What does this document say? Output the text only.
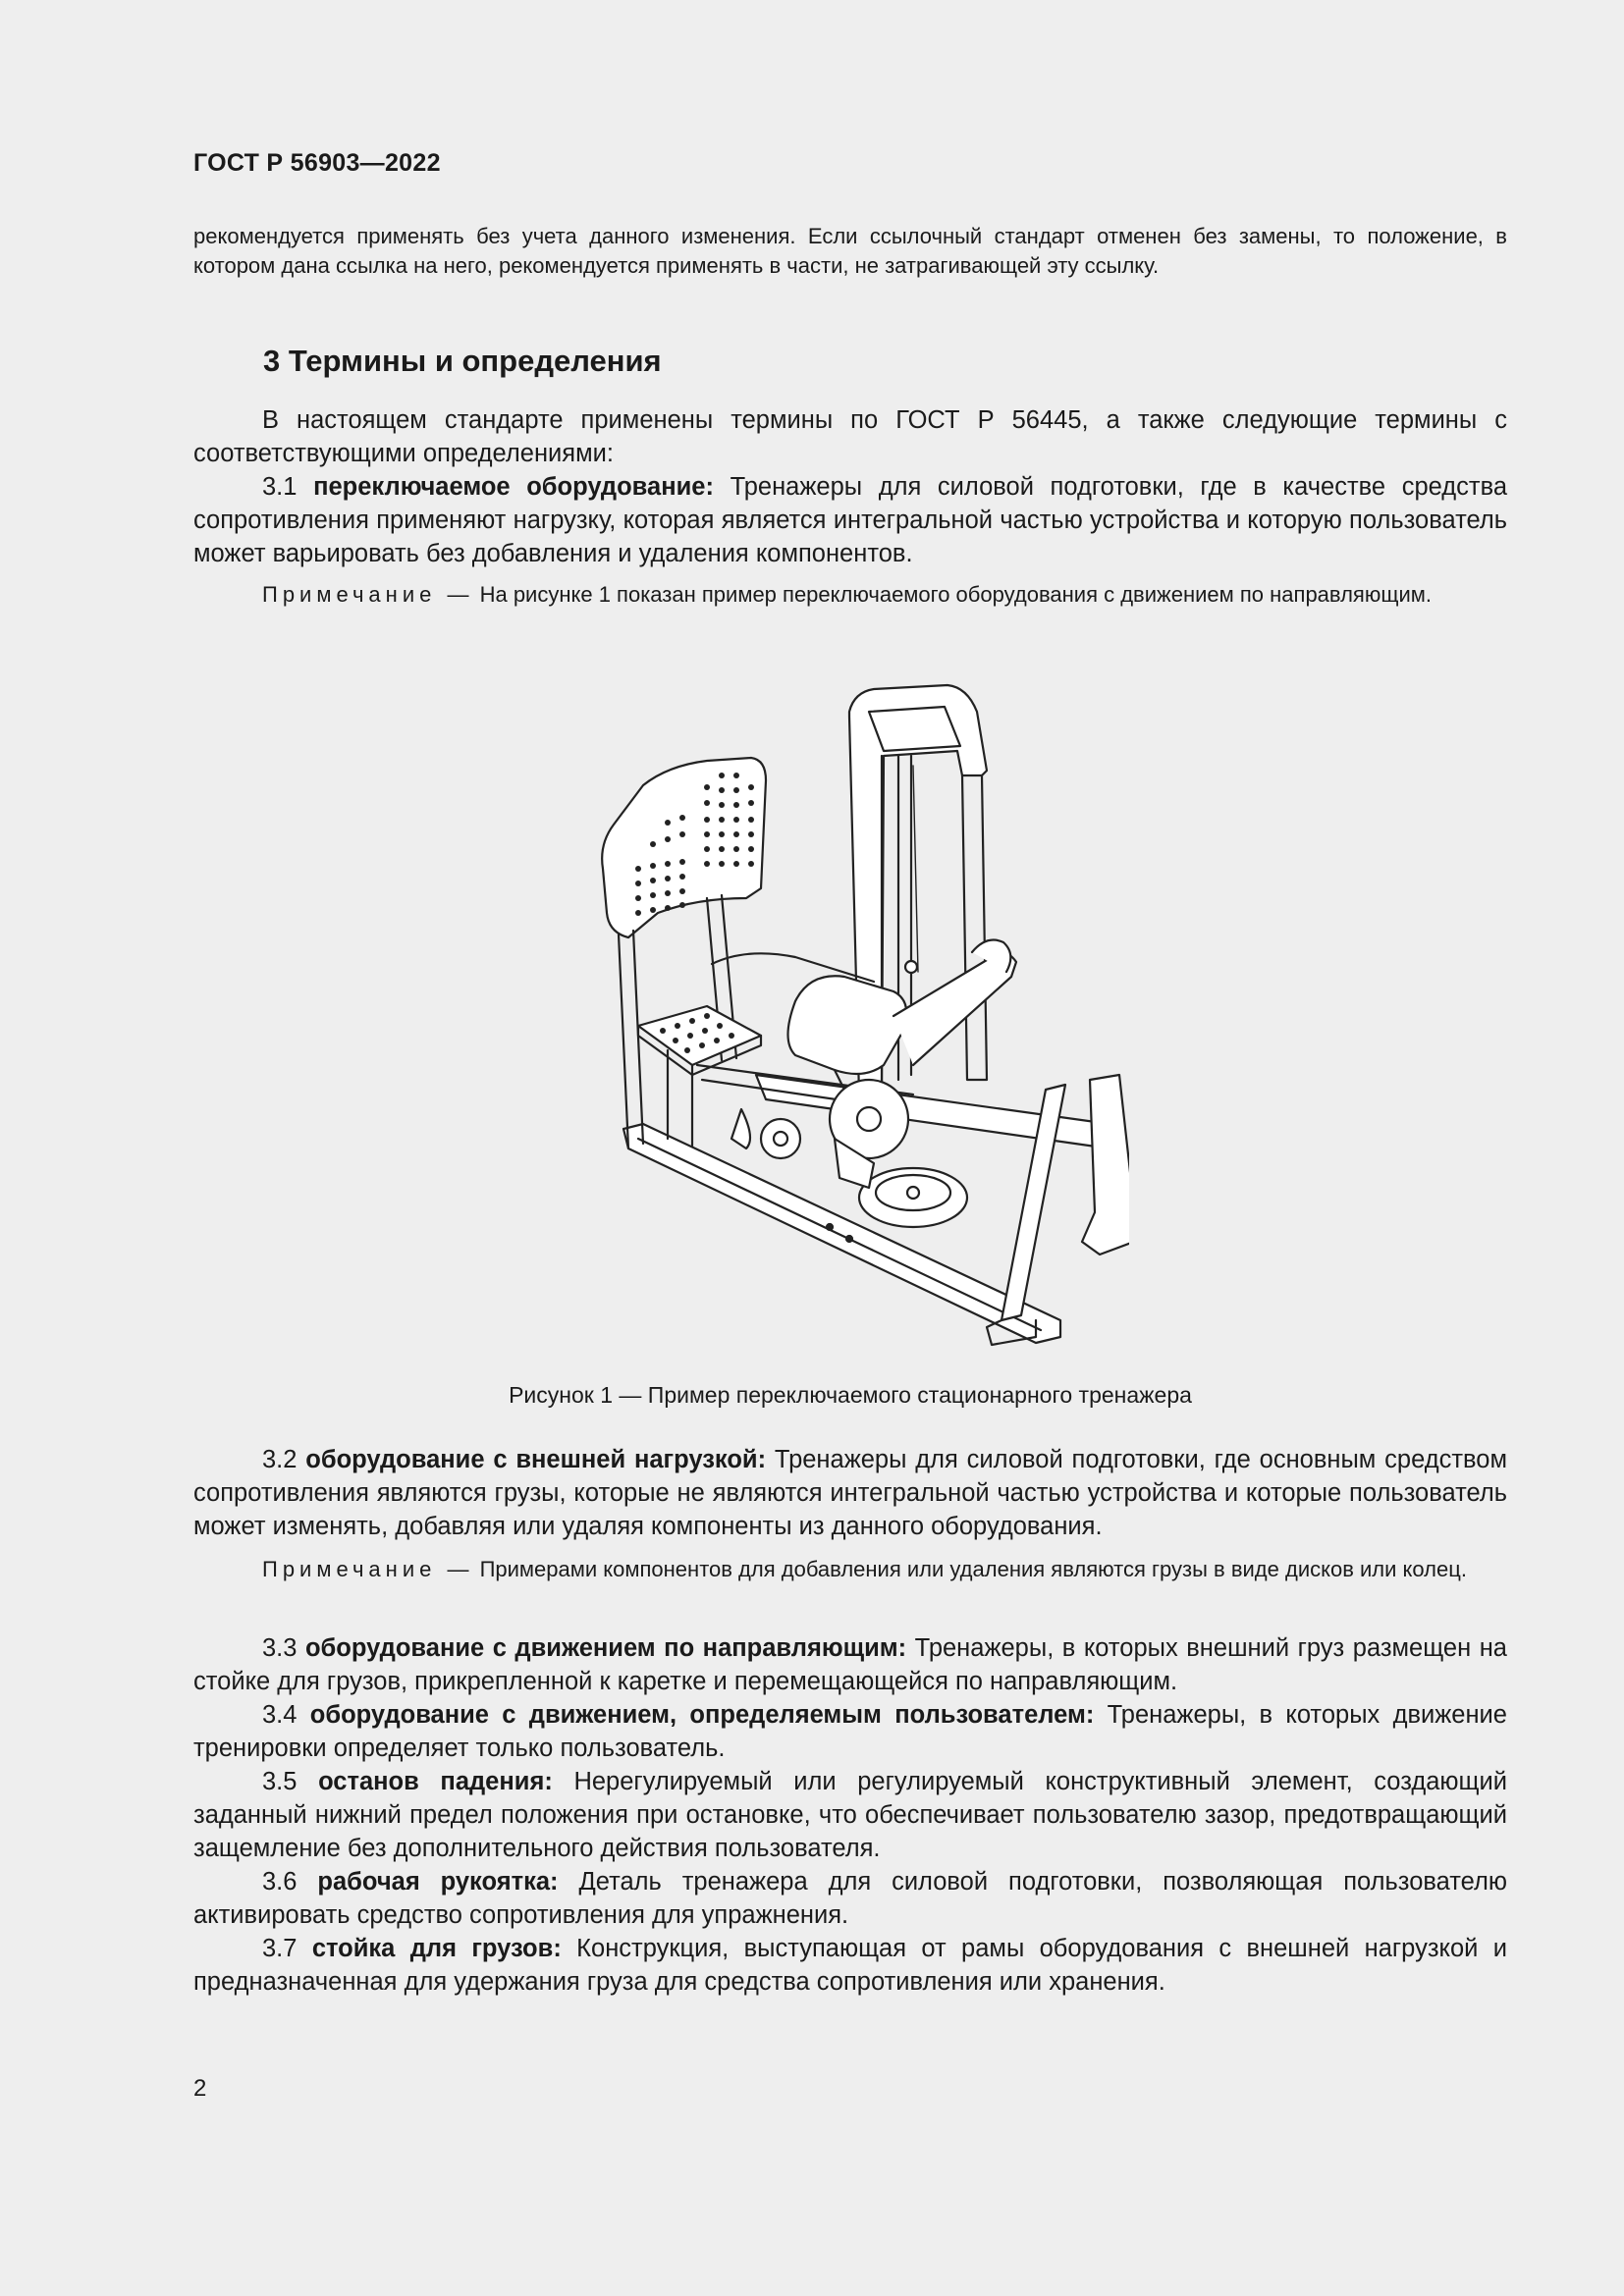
ГОСТ Р 56903—2022

рекомендуется применять без учета данного изменения. Если ссылочный стандарт отменен без замены, то положение, в котором дана ссылка на него, рекомендуется применять в части, не затрагивающей эту ссылку.

3 Термины и определения

В настоящем стандарте применены термины по ГОСТ Р 56445, а также следующие термины с соответствующими определениями:

3.1 переключаемое оборудование: Тренажеры для силовой подготовки, где в качестве средства сопротивления применяют нагрузку, которая является интегральной частью устройства и которую пользователь может варьировать без добавления и удаления компонентов.

Примечание — На рисунке 1 показан пример переключаемого оборудования с движением по направляющим.

Рисунок 1 — Пример переключаемого стационарного тренажера

3.2 оборудование с внешней нагрузкой: Тренажеры для силовой подготовки, где основным средством сопротивления являются грузы, которые не являются интегральной частью устройства и которые пользователь может изменять, добавляя или удаляя компоненты из данного оборудования.

Примечание — Примерами компонентов для добавления или удаления являются грузы в виде дисков или колец.

3.3 оборудование с движением по направляющим: Тренажеры, в которых внешний груз размещен на стойке для грузов, прикрепленной к каретке и перемещающейся по направляющим.

3.4 оборудование с движением, определяемым пользователем: Тренажеры, в которых движение тренировки определяет только пользователь.

3.5 останов падения: Нерегулируемый или регулируемый конструктивный элемент, создающий заданный нижний предел положения при остановке, что обеспечивает пользователю зазор, предотвращающий защемление без дополнительного действия пользователя.

3.6 рабочая рукоятка: Деталь тренажера для силовой подготовки, позволяющая пользователю активировать средство сопротивления для упражнения.

3.7 стойка для грузов: Конструкция, выступающая от рамы оборудования с внешней нагрузкой и предназначенная для удержания груза для средства сопротивления или хранения.

2
